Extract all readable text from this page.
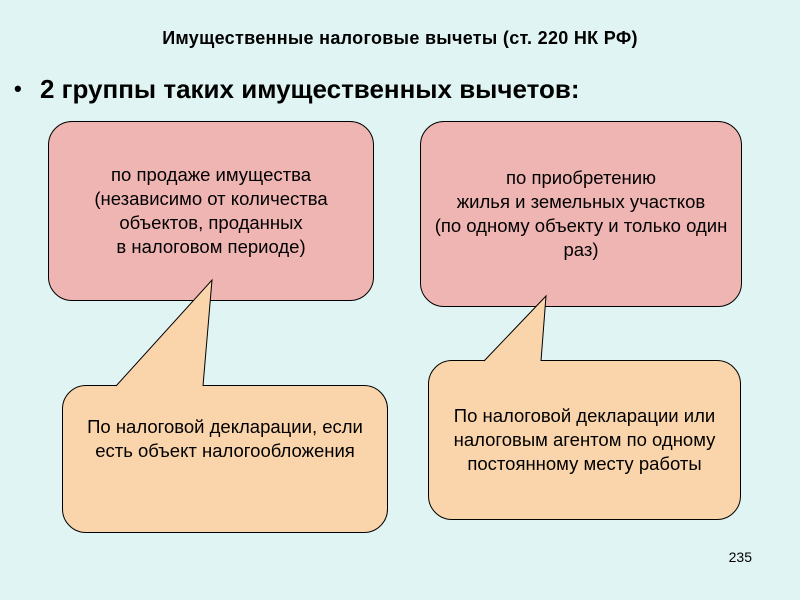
Имущественные налоговые вычеты (ст. 220 НК РФ)
• 2 группы таких имущественных вычетов:
по продаже имущества
(независимо от количества объектов, проданных
в налоговом периоде)
по приобретению
жилья и земельных участков
(по одному объекту и только один раз)
По налоговой декларации, если есть объект налогообложения
По налоговой декларации или налоговым агентом по одному постоянному месту работы
235
